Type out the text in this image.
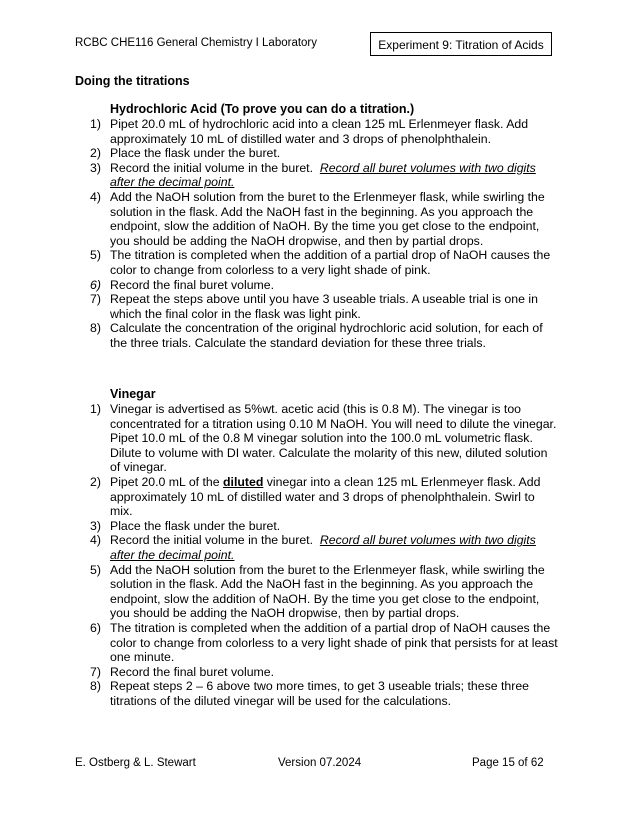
RCBC CHE116 General Chemistry I Laboratory	Experiment 9: Titration of Acids
Doing the titrations
Hydrochloric Acid (To prove you can do a titration.)
1) Pipet 20.0 mL of hydrochloric acid into a clean 125 mL Erlenmeyer flask. Add approximately 10 mL of distilled water and 3 drops of phenolphthalein.
2) Place the flask under the buret.
3) Record the initial volume in the buret. Record all buret volumes with two digits after the decimal point.
4) Add the NaOH solution from the buret to the Erlenmeyer flask, while swirling the solution in the flask. Add the NaOH fast in the beginning. As you approach the endpoint, slow the addition of NaOH. By the time you get close to the endpoint, you should be adding the NaOH dropwise, and then by partial drops.
5) The titration is completed when the addition of a partial drop of NaOH causes the color to change from colorless to a very light shade of pink.
6) Record the final buret volume.
7) Repeat the steps above until you have 3 useable trials. A useable trial is one in which the final color in the flask was light pink.
8) Calculate the concentration of the original hydrochloric acid solution, for each of the three trials. Calculate the standard deviation for these three trials.
Vinegar
1) Vinegar is advertised as 5%wt. acetic acid (this is 0.8 M). The vinegar is too concentrated for a titration using 0.10 M NaOH. You will need to dilute the vinegar. Pipet 10.0 mL of the 0.8 M vinegar solution into the 100.0 mL volumetric flask. Dilute to volume with DI water. Calculate the molarity of this new, diluted solution of vinegar.
2) Pipet 20.0 mL of the diluted vinegar into a clean 125 mL Erlenmeyer flask. Add approximately 10 mL of distilled water and 3 drops of phenolphthalein. Swirl to mix.
3) Place the flask under the buret.
4) Record the initial volume in the buret. Record all buret volumes with two digits after the decimal point.
5) Add the NaOH solution from the buret to the Erlenmeyer flask, while swirling the solution in the flask. Add the NaOH fast in the beginning. As you approach the endpoint, slow the addition of NaOH. By the time you get close to the endpoint, you should be adding the NaOH dropwise, then by partial drops.
6) The titration is completed when the addition of a partial drop of NaOH causes the color to change from colorless to a very light shade of pink that persists for at least one minute.
7) Record the final buret volume.
8) Repeat steps 2 – 6 above two more times, to get 3 useable trials; these three titrations of the diluted vinegar will be used for the calculations.
E. Ostberg & L. Stewart	Version 07.2024	Page 15 of 62
